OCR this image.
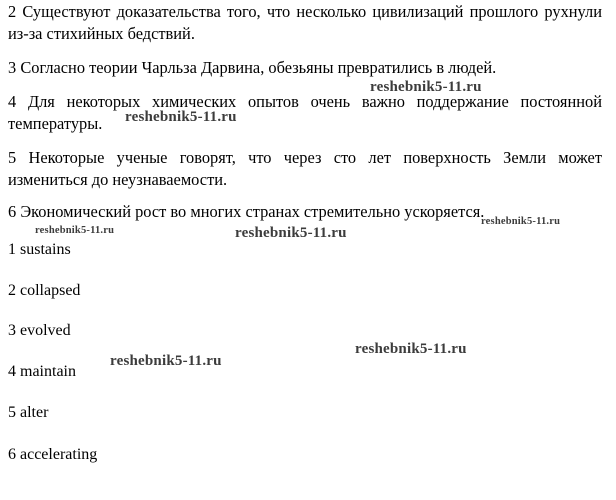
2 Существуют доказательства того, что несколько цивилизаций прошлого рухнули из-за стихийных бедствий.

3 Согласно теории Чарльза Дарвина, обезьяны превратились в людей.

4 Для некоторых химических опытов очень важно поддержание постоянной температуры.

5 Некоторые ученые говорят, что через сто лет поверхность Земли может измениться до неузнаваемости.

6 Экономический рост во многих странах стремительно ускоряется.

1 sustains
2 collapsed
3 evolved
4 maintain
5 alter
6 accelerating
reshebnik5-11.ru
reshebnik5-11.ru
reshebnik5-11.ru	reshebnik5-11.ru
reshebnik5-11.ru
reshebnik5-11.ru
reshebnik5-11.ru
